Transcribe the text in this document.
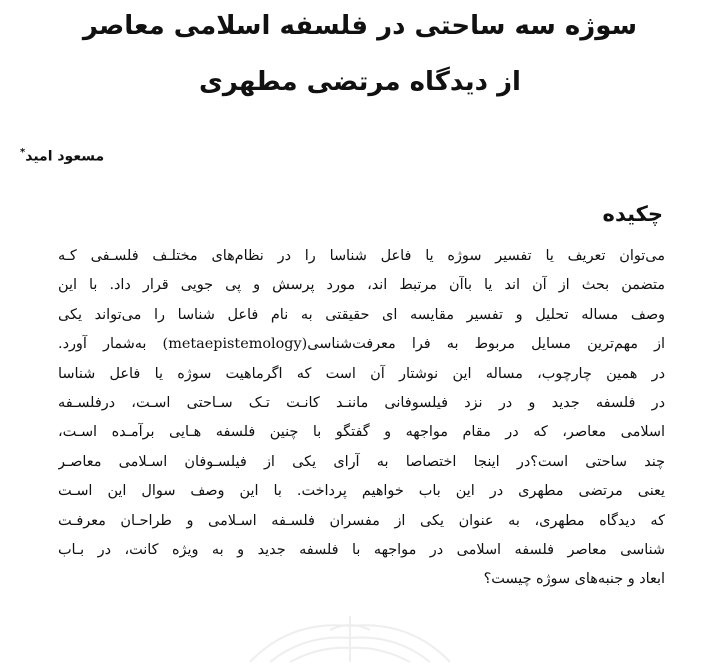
سوژه سه ساحتی در فلسفه اسلامی معاصر
از دیدگاه مرتضی مطهری
مسعود امید*
چکیده
می‌توان تعریف یا تفسیر سوژه یا فاعل شناسا را در نظام‌های مختلـف فلسـفی کـه
متضمن بحث از آن اند یا باآن مرتبط اند، مورد پرسش و پی جویی قرار داد. با این
وصف مساله تحلیل و تفسیر مقایسه ای حقیقتی به نام فاعل شناسا را می‌تواند یکی
از مهم‌ترین مسایل مربوط به فرا معرفت‌شناسی(metaepistemology) به‌شمار آورد.
در همین چارچوب، مساله این نوشتار آن است که اگرماهیت سوژه یا فاعل شناسا
در فلسفه جدید و در نزد فیلسوفانی ماننـد کانـت تـک سـاحتی اسـت، درفلسـفه
اسلامی معاصر، که در مقام مواجهه و گفتگو با چنین فلسفه هـایی برآمـده اسـت،
چند ساحتی است؟در اینجا اختصاصا به آرای یکی از فیلسـوفان اسـلامی معاصـر
یعنی مرتضی مطهری در این باب خواهیم پرداخت. با این وصف سوال این اسـت
که دیدگاه مطهری، به عنوان یکی از مفسران فلسـفه اسـلامی و طراحـان معرفـت
شناسی معاصر فلسفه اسلامی در مواجهه با فلسفه جدید و به ویژه کانت، در بـاب
ابعاد و جنبه‌های سوژه چیست؟
